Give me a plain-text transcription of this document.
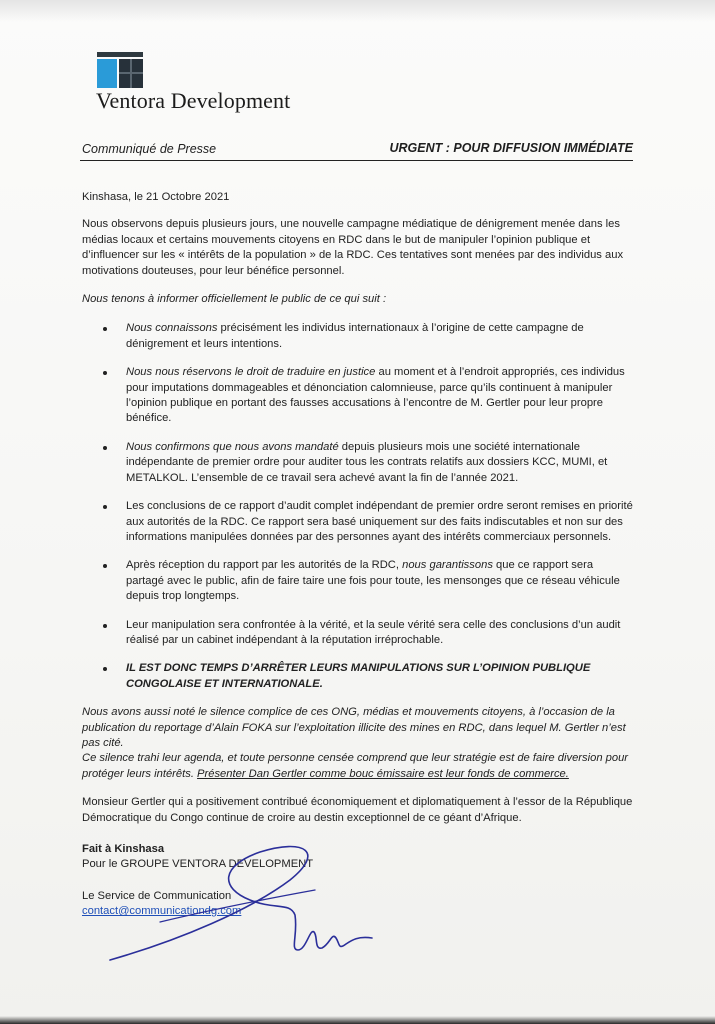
Ventora Development
Communiqué de Presse	URGENT : POUR DIFFUSION IMMÉDIATE

Kinshasa, le 21 Octobre 2021

Nous observons depuis plusieurs jours, une nouvelle campagne médiatique de dénigrement menée dans les médias locaux et certains mouvements citoyens en RDC dans le but de manipuler l’opinion publique et d’influencer sur les « intérêts de la population » de la RDC. Ces tentatives sont menées par des individus aux motivations douteuses, pour leur bénéfice personnel.

Nous tenons à informer officiellement le public de ce qui suit :

Nous connaissons précisément les individus internationaux à l’origine de cette campagne de dénigrement et leurs intentions.
Nous nous réservons le droit de traduire en justice au moment et à l’endroit appropriés, ces individus pour imputations dommageables et dénonciation calomnieuse, parce qu’ils continuent à manipuler l’opinion publique en portant des fausses accusations à l’encontre de M. Gertler pour leur propre bénéfice.
Nous confirmons que nous avons mandaté depuis plusieurs mois une société internationale indépendante de premier ordre pour auditer tous les contrats relatifs aux dossiers KCC, MUMI, et METALKOL. L’ensemble de ce travail sera achevé avant la fin de l’année 2021.
Les conclusions de ce rapport d’audit complet indépendant de premier ordre seront remises en priorité aux autorités de la RDC. Ce rapport sera basé uniquement sur des faits indiscutables et non sur des informations manipulées données par des personnes ayant des intérêts commerciaux personnels.
Après réception du rapport par les autorités de la RDC, nous garantissons que ce rapport sera partagé avec le public, afin de faire taire une fois pour toute, les mensonges que ce réseau véhicule depuis trop longtemps.
Leur manipulation sera confrontée à la vérité, et la seule vérité sera celle des conclusions d’un audit réalisé par un cabinet indépendant à la réputation irréprochable.
IL EST DONC TEMPS D’ARRÊTER LEURS MANIPULATIONS SUR L’OPINION PUBLIQUE CONGOLAISE ET INTERNATIONALE.

Nous avons aussi noté le silence complice de ces ONG, médias et mouvements citoyens, à l’occasion de la publication du reportage d’Alain FOKA sur l’exploitation illicite des mines en RDC, dans lequel M. Gertler n’est pas cité.

Ce silence trahi leur agenda, et toute personne censée comprend que leur stratégie est de faire diversion pour protéger leurs intérêts. Présenter Dan Gertler comme bouc émissaire est leur fonds de commerce.

Monsieur Gertler qui a positivement contribué économiquement et diplomatiquement à l’essor de la République Démocratique du Congo continue de croire au destin exceptionnel de ce géant d’Afrique.

Fait à Kinshasa
Pour le GROUPE VENTORA DEVELOPMENT
Le Service de Communication
contact@communicationdg.com
